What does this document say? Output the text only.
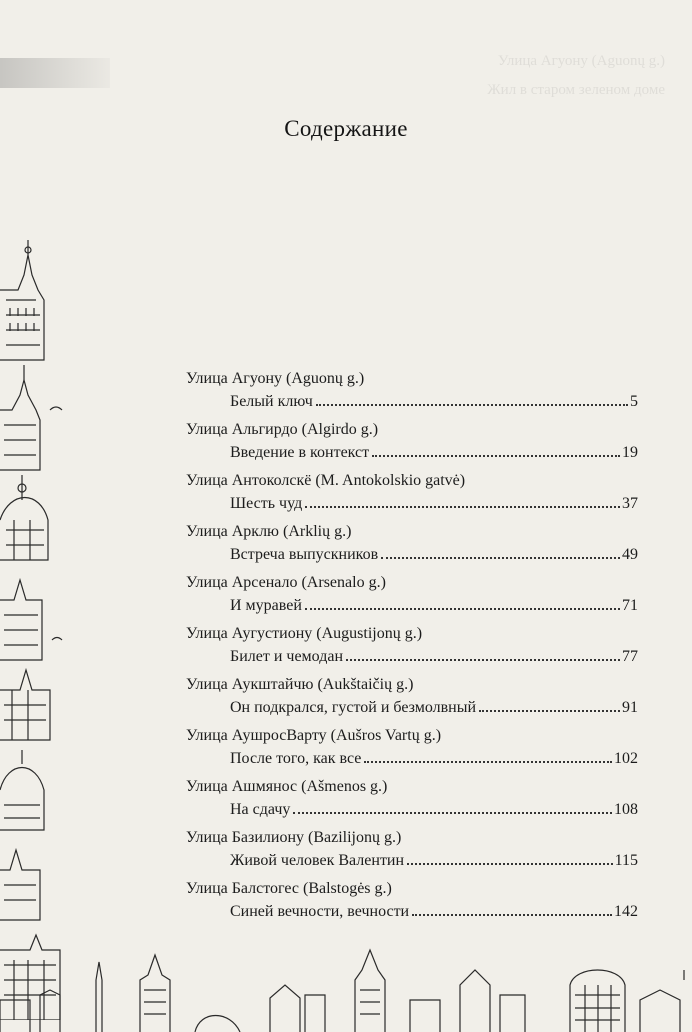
Улица Агуону (Aguonų g.)
Жил в старом зеленом доме
Содержание
Улица Агуону (Aguonų g.)
Белый ключ	5
Улица Альгирдо (Algirdo g.)
Введение в контекст	19
Улица Антоколскё (M. Antokolskio gatvė)
Шесть чуд	37
Улица Арклю (Arklių g.)
Встреча выпускников	49
Улица Арсенало (Arsenalo g.)
И муравей	71
Улица Аугустиону (Augustijonų g.)
Билет и чемодан	77
Улица Аукштайчю (Aukštaičių g.)
Он подкрался, густой и безмолвный	91
Улица АушросВарту (Aušros Vartų g.)
После того, как все	102
Улица Ашмянос (Ašmenos g.)
На сдачу	108
Улица Базилиону (Bazilijonų g.)
Живой человек Валентин	115
Улица Балстогес (Balstogės g.)
Синей вечности, вечности	142
